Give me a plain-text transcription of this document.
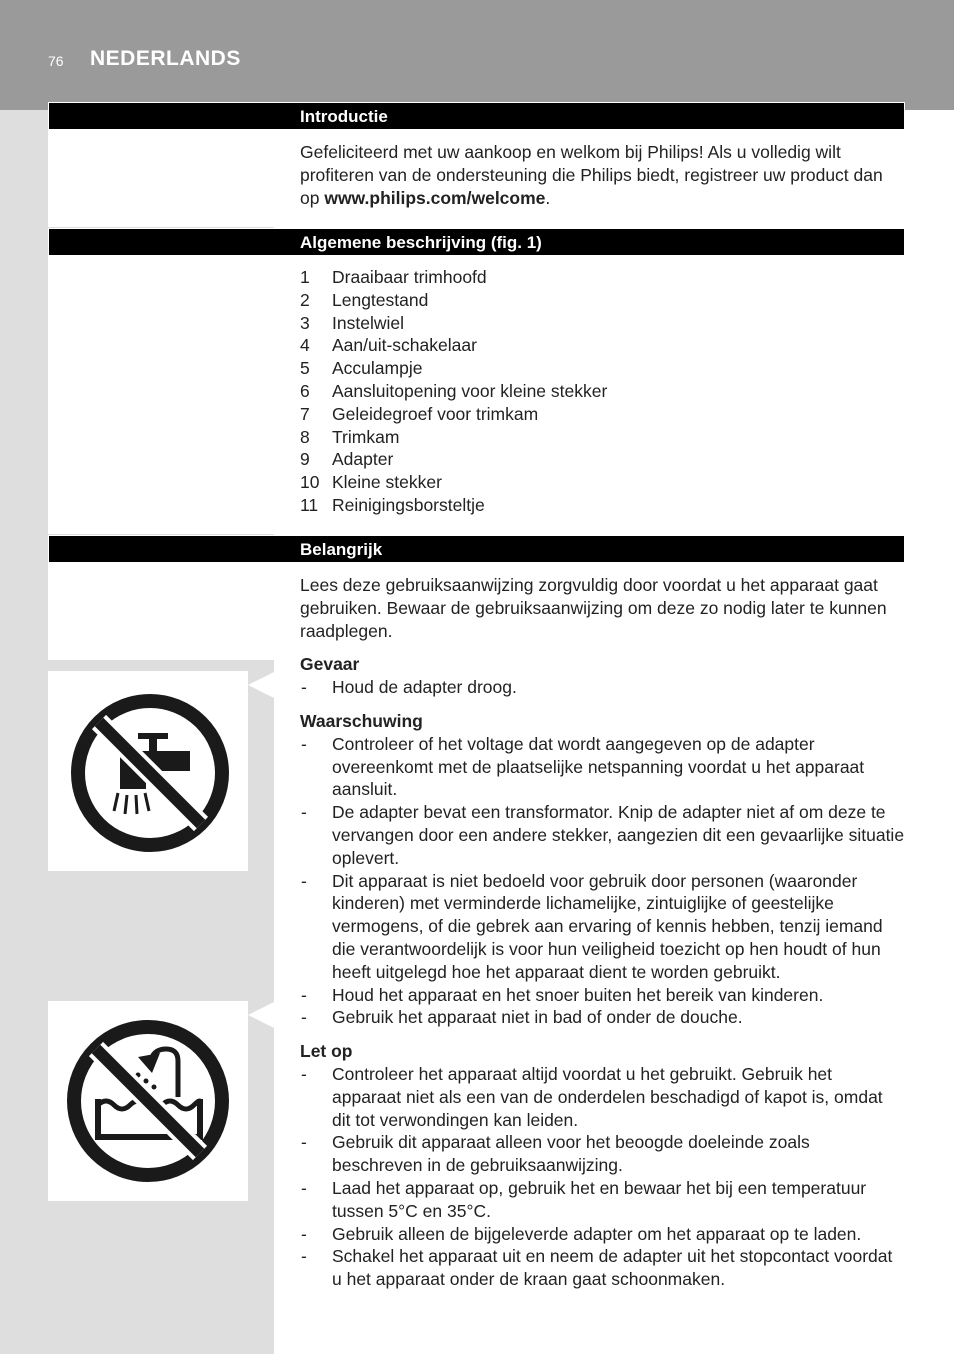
76 NEDERLANDS
Introductie

Gefeliciteerd met uw aankoop en welkom bij Philips! Als u volledig wilt profiteren van de ondersteuning die Philips biedt, registreer uw product dan op www.philips.com/welcome.

Algemene beschrijving (fig. 1)
1 Draaibaar trimhoofd
2 Lengtestand
3 Instelwiel
4 Aan/uit-schakelaar
5 Acculampje
6 Aansluitopening voor kleine stekker
7 Geleidegroef voor trimkam
8 Trimkam
9 Adapter
10 Kleine stekker
11 Reinigingsborsteltje
Belangrijk

Lees deze gebruiksaanwijzing zorgvuldig door voordat u het apparaat gaat gebruiken. Bewaar de gebruiksaanwijzing om deze zo nodig later te kunnen raadplegen.

Gevaar

- Houd de adapter droog.

Waarschuwing

- Controleer of het voltage dat wordt aangegeven op de adapter overeenkomt met de plaatselijke netspanning voordat u het apparaat aansluit.
- De adapter bevat een transformator. Knip de adapter niet af om deze te vervangen door een andere stekker, aangezien dit een gevaarlijke situatie oplevert.
- Dit apparaat is niet bedoeld voor gebruik door personen (waaronder kinderen) met verminderde lichamelijke, zintuiglijke of geestelijke vermogens, of die gebrek aan ervaring of kennis hebben, tenzij iemand die verantwoordelijk is voor hun veiligheid toezicht op hen houdt of hun heeft uitgelegd hoe het apparaat dient te worden gebruikt.
- Houd het apparaat en het snoer buiten het bereik van kinderen.
- Gebruik het apparaat niet in bad of onder de douche.

Let op

- Controleer het apparaat altijd voordat u het gebruikt. Gebruik het apparaat niet als een van de onderdelen beschadigd of kapot is, omdat dit tot verwondingen kan leiden.
- Gebruik dit apparaat alleen voor het beoogde doeleinde zoals beschreven in de gebruiksaanwijzing.
- Laad het apparaat op, gebruik het en bewaar het bij een temperatuur tussen 5°C en 35°C.
- Gebruik alleen de bijgeleverde adapter om het apparaat op te laden.
- Schakel het apparaat uit en neem de adapter uit het stopcontact voordat u het apparaat onder de kraan gaat schoonmaken.
